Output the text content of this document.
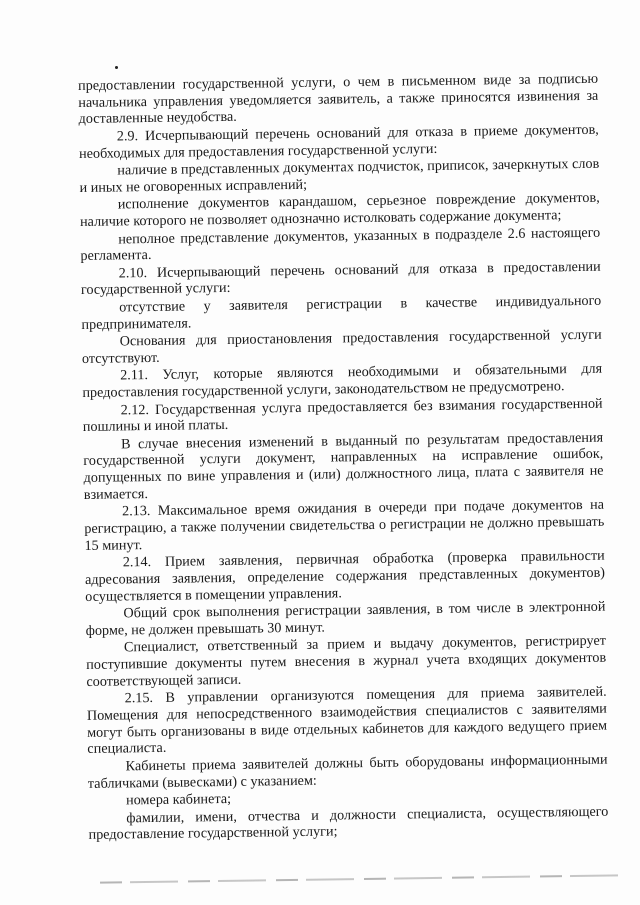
предоставлении государственной услуги, о чем в письменном виде за подписью начальника управления уведомляется заявитель, а также приносятся извинения за доставленные неудобства.

2.9. Исчерпывающий перечень оснований для отказа в приеме документов, необходимых для предоставления государственной услуги:

наличие в представленных документах подчисток, приписок, зачеркнутых слов и иных не оговоренных исправлений;

исполнение документов карандашом, серьезное повреждение документов, наличие которого не позволяет однозначно истолковать содержание документа;

неполное представление документов, указанных в подразделе 2.6 настоящего регламента.

2.10. Исчерпывающий перечень оснований для отказа в предоставлении государственной услуги:

отсутствие у заявителя регистрации в качестве индивидуального предпринимателя.

Основания для приостановления предоставления государственной услуги отсутствуют.

2.11. Услуг, которые являются необходимыми и обязательными для предоставления государственной услуги, законодательством не предусмотрено.

2.12. Государственная услуга предоставляется без взимания государственной пошлины и иной платы.

В случае внесения изменений в выданный по результатам предоставления государственной услуги документ, направленных на исправление ошибок, допущенных по вине управления и (или) должностного лица, плата с заявителя не взимается.

2.13. Максимальное время ожидания в очереди при подаче документов на регистрацию, а также получении свидетельства о регистрации не должно превышать 15 минут.

2.14. Прием заявления, первичная обработка (проверка правильности адресования заявления, определение содержания представленных документов) осуществляется в помещении управления.

Общий срок выполнения регистрации заявления, в том числе в электронной форме, не должен превышать 30 минут.

Специалист, ответственный за прием и выдачу документов, регистрирует поступившие документы путем внесения в журнал учета входящих документов соответствующей записи.

2.15. В управлении организуются помещения для приема заявителей. Помещения для непосредственного взаимодействия специалистов с заявителями могут быть организованы в виде отдельных кабинетов для каждого ведущего прием специалиста.

Кабинеты приема заявителей должны быть оборудованы информационными табличками (вывесками) с указанием:

номера кабинета;

фамилии, имени, отчества и должности специалиста, осуществляющего предоставление государственной услуги;
